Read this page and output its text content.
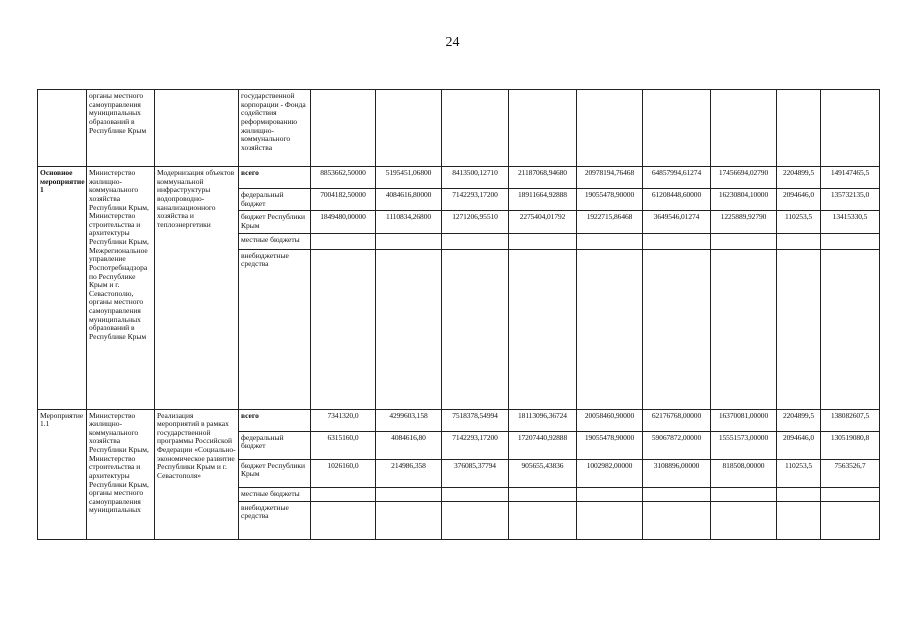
24
	органы местного самоуправления муниципальных образований в Республике Крым		государственной корпорации - Фонда содействия реформированию жилищно-коммунального хозяйства									
Основное мероприятие 1	Министерство жилищно-коммунального хозяйства Республики Крым, Министерство строительства и архитектуры Республики Крым, Межрегиональное управление Роспотребнадзора по Республике Крым и г. Севастополю, органы местного самоуправления муниципальных образований в Республике Крым	Модернизация объектов коммунальной инфраструктуры водопроводно-канализационного хозяйства и теплоэнергетики	всего	8853662,50000	5195451,06800	8413500,12710	21187068,94680	20978194,76468	64857994,61274	17456694,02790	2204899,5	149147465,5
			федеральный бюджет	7004182,50000	4084616,80000	7142293,17200	18911664,92888	19055478,90000	61208448,60000	16230804,10000	2094646,0	135732135,0
			бюджет Республики Крым	1849480,00000	1110834,26800	1271206,95510	2275404,01792	1922715,86468	3649546,01274	1225889,92790	110253,5	13415330,5
			местные бюджеты									
			внебюджетные средства									
Мероприятие 1.1	Министерство жилищно-коммунального хозяйства Республики Крым, Министерство строительства и архитектуры Республики Крым, органы местного самоуправления муниципальных	Реализация мероприятий в рамках государственной программы Российской Федерации «Социально-экономическое развитие Республики Крым и г. Севастополя»	всего	7341320,0	4299603,158	7518378,54994	18113096,36724	20058460,90000	62176768,00000	16370081,00000	2204899,5	138082607,5
			федеральный бюджет	6315160,0	4084616,80	7142293,17200	17207440,92888	19055478,90000	59067872,00000	15551573,00000	2094646,0	130519080,8
			бюджет Республики Крым	1026160,0	214986,358	376085,37794	905655,43836	1002982,00000	3108896,00000	818508,00000	110253,5	7563526,7
			местные бюджеты									
			внебюджетные средства									
